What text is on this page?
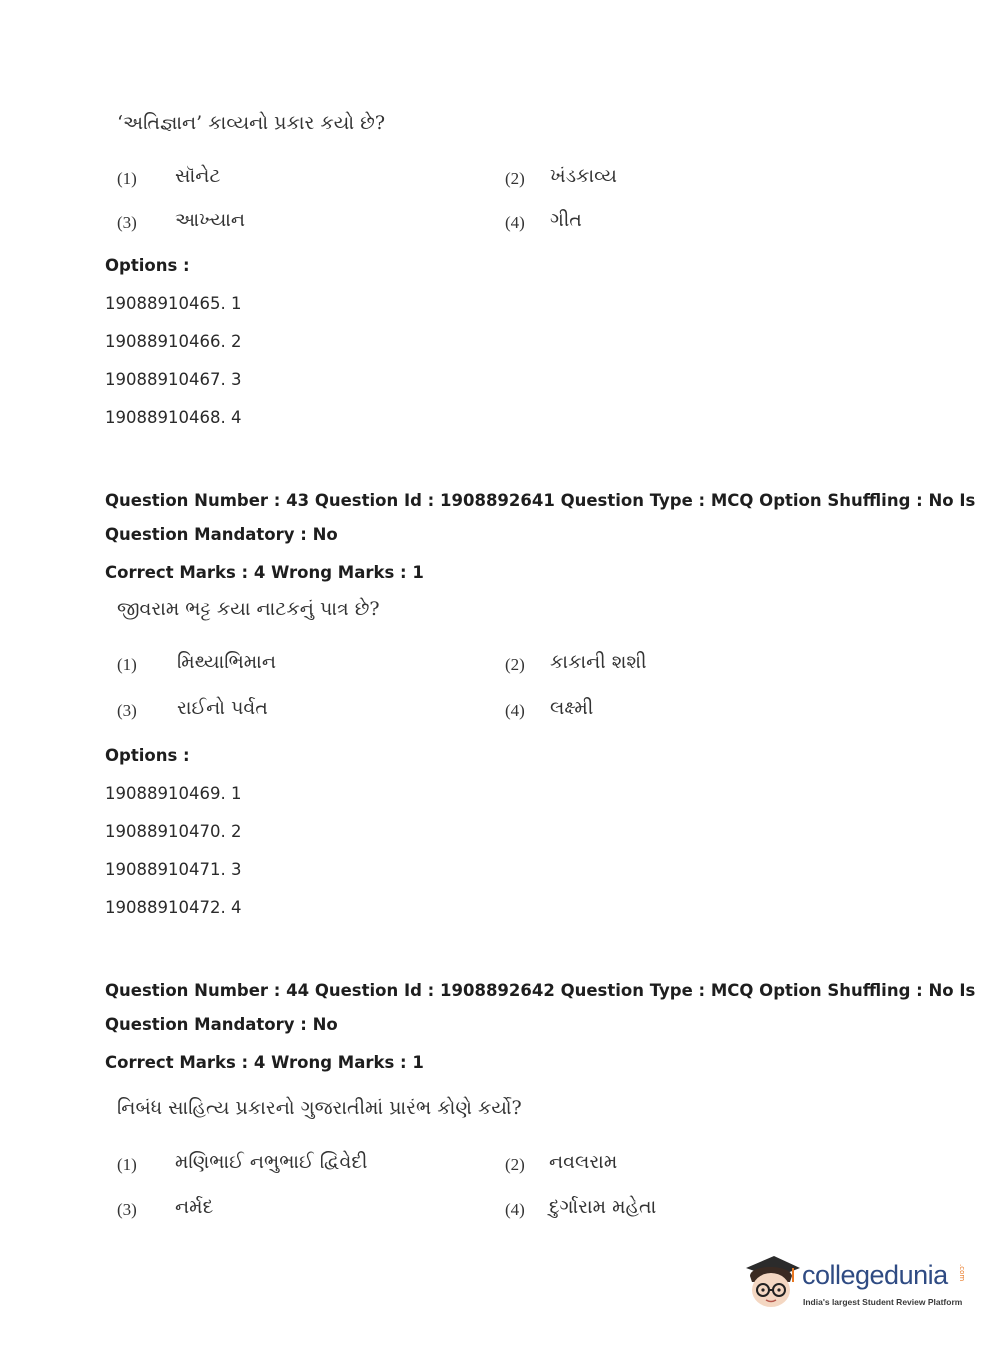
‘અતિજ્ઞાન’ કાવ્યનો પ્રકાર કયો છે?
(1) સૉનેટ	(2) ખંડકાવ્ય
(3) આખ્યાન	(4) ગીત
Options :
19088910465. 1
19088910466. 2
19088910467. 3
19088910468. 4
Question Number : 43 Question Id : 1908892641 Question Type : MCQ Option Shuffling : No Is
Question Mandatory : No
Correct Marks : 4 Wrong Marks : 1
જીવરામ ભટ્ટ કયા નાટકનું પાત્ર છે?
(1) મિથ્યાભિમાન	(2) કાકાની શશી
(3) રાઈનો પર્વત	(4) લક્ષ્મી
Options :
19088910469. 1
19088910470. 2
19088910471. 3
19088910472. 4
Question Number : 44 Question Id : 1908892642 Question Type : MCQ Option Shuffling : No Is
Question Mandatory : No
Correct Marks : 4 Wrong Marks : 1
નિબંધ સાહિત્ય પ્રકારનો ગુજરાતીમાં પ્રારંભ કોણે કર્યો?
(1) મણિભાઈ નભુભાઈ દ્વિવેદી	(2) નવલરામ
(3) નર્મદ	(4) દુર્ગારામ મહેતા
collegedunia .com
India's largest Student Review Platform
